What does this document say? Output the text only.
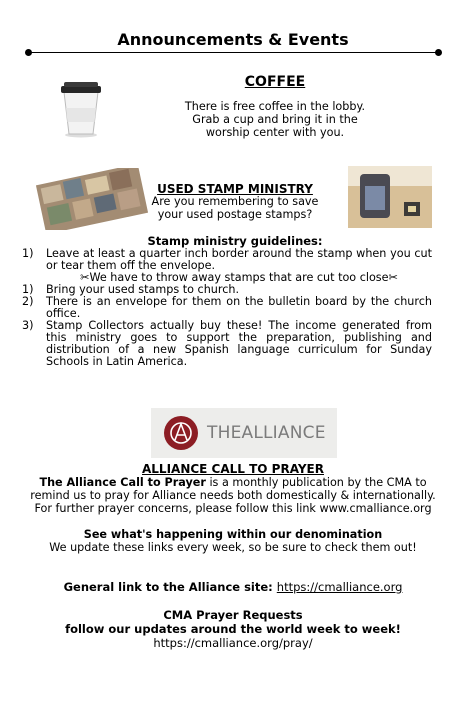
Announcements & Events
COFFEE
There is free coffee in the lobby.
Grab a cup and bring it in the
worship center with you.
USED STAMP MINISTRY
Are you remembering to save
your used postage stamps?
Stamp ministry guidelines:
1)	Leave at least a quarter inch border around the stamp when you cut or tear them off the envelope.
✂We have to throw away stamps that are cut too close✂
1)	Bring your used stamps to church.
2)	There is an envelope for them on the bulletin board by the church office.
3)	Stamp Collectors actually buy these! The income generated from this ministry goes to support the preparation, publishing and distribution of a new Spanish language curriculum for Sunday Schools in Latin America.
THEALLIANCE
ALLIANCE CALL TO PRAYER
The Alliance Call to Prayer is a monthly publication by the CMA to
remind us to pray for Alliance needs both domestically & internationally.
For further prayer concerns, please follow this link www.cmalliance.org
See what's happening within our denomination
We update these links every week, so be sure to check them out!
General link to the Alliance site: https://cmalliance.org
CMA Prayer Requests
follow our updates around the world week to week!
https://cmalliance.org/pray/
